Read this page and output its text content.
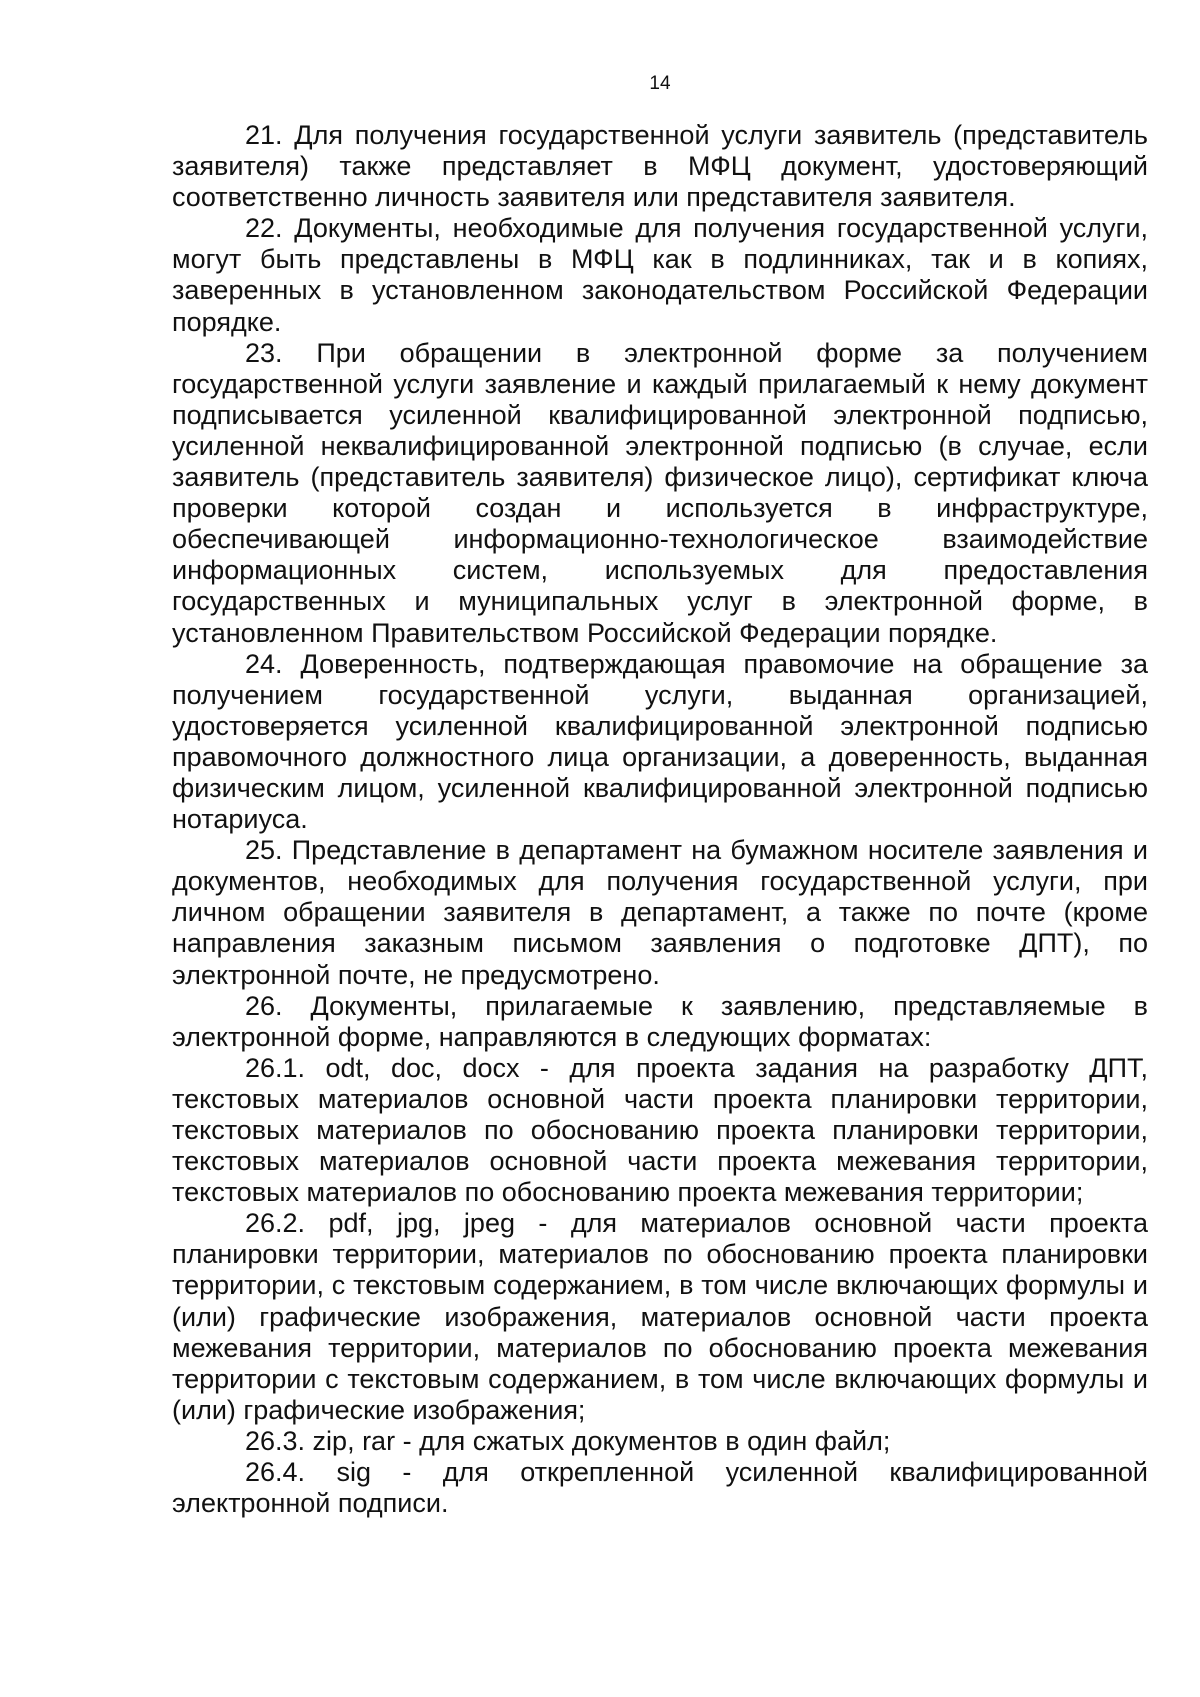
14

21. Для получения государственной услуги заявитель (представитель заявителя) также представляет в МФЦ документ, удостоверяющий соответственно личность заявителя или представителя заявителя.

22. Документы, необходимые для получения государственной услуги, могут быть представлены в МФЦ как в подлинниках, так и в копиях, заверенных в установленном законодательством Российской Федерации порядке.

23. При обращении в электронной форме за получением государственной услуги заявление и каждый прилагаемый к нему документ подписывается усиленной квалифицированной электронной подписью, усиленной неквалифицированной электронной подписью (в случае, если заявитель (представитель заявителя) физическое лицо), сертификат ключа проверки которой создан и используется в инфраструктуре, обеспечивающей информационно-технологическое взаимодействие информационных систем, используемых для предоставления государственных и муниципальных услуг в электронной форме, в установленном Правительством Российской Федерации порядке.

24. Доверенность, подтверждающая правомочие на обращение за получением государственной услуги, выданная организацией, удостоверяется усиленной квалифицированной электронной подписью правомочного должностного лица организации, а доверенность, выданная физическим лицом, усиленной квалифицированной электронной подписью нотариуса.

25. Представление в департамент на бумажном носителе заявления и документов, необходимых для получения государственной услуги, при личном обращении заявителя в департамент, а также по почте (кроме направления заказным письмом заявления о подготовке ДПТ), по электронной почте, не предусмотрено.

26. Документы, прилагаемые к заявлению, представляемые в электронной форме, направляются в следующих форматах:

26.1. odt, doc, docx - для проекта задания на разработку ДПТ, текстовых материалов основной части проекта планировки территории, текстовых материалов по обоснованию проекта планировки территории, текстовых материалов основной части проекта межевания территории, текстовых материалов по обоснованию проекта межевания территории;

26.2. pdf, jpg, jpeg - для материалов основной части проекта планировки территории, материалов по обоснованию проекта планировки территории, с текстовым содержанием, в том числе включающих формулы и (или) графические изображения, материалов основной части проекта межевания территории, материалов по обоснованию проекта межевания территории с текстовым содержанием, в том числе включающих формулы и (или) графические изображения;

26.3. zip, rar - для сжатых документов в один файл;

26.4. sig - для открепленной усиленной квалифицированной электронной подписи.
